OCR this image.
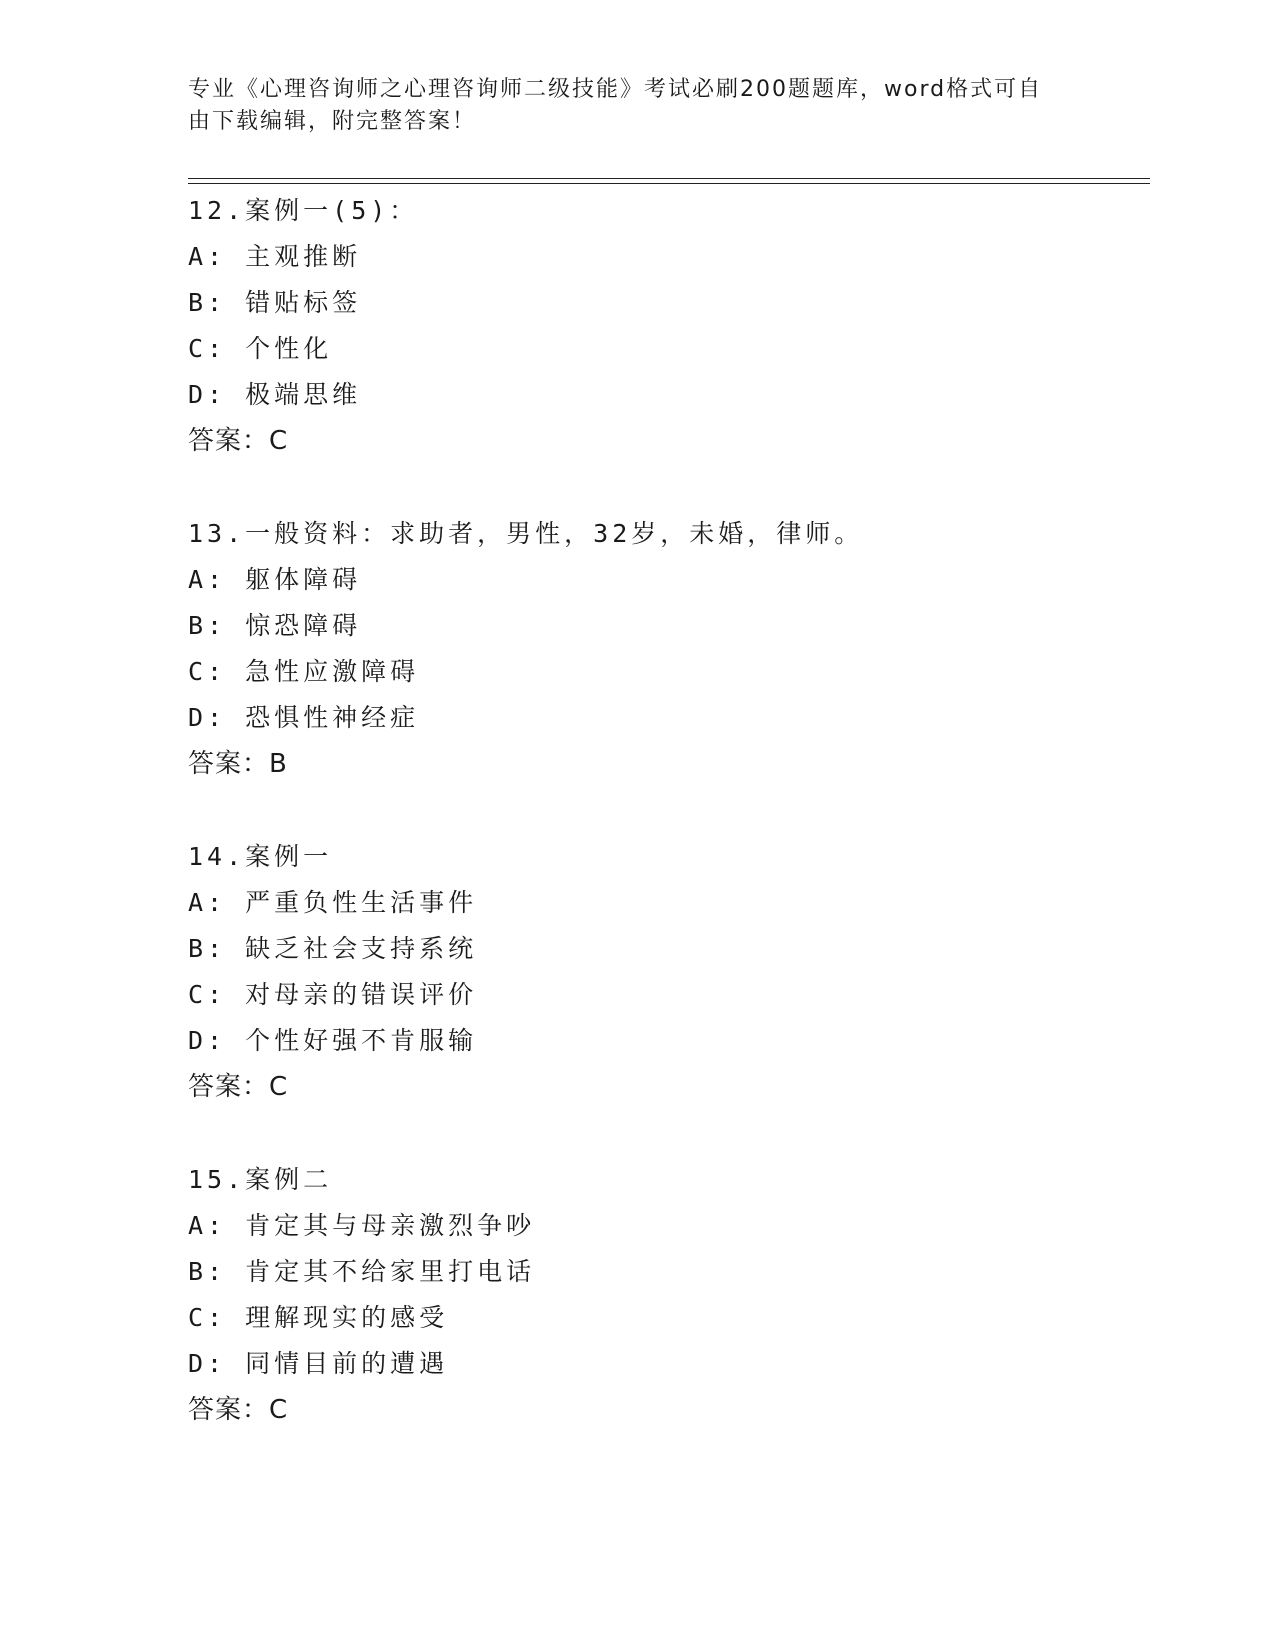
专业《心理咨询师之心理咨询师二级技能》考试必刷200题题库，word格式可自
由下载编辑，附完整答案！
12.案例一(5)：
A: 主观推断
B: 错贴标签
C: 个性化
D: 极端思维
答案：C
13.一般资料：求助者，男性，32岁，未婚，律师。
A: 躯体障碍
B: 惊恐障碍
C: 急性应激障碍
D: 恐惧性神经症
答案：B
14.案例一
A: 严重负性生活事件
B: 缺乏社会支持系统
C: 对母亲的错误评价
D: 个性好强不肯服输
答案：C
15.案例二
A: 肯定其与母亲激烈争吵
B: 肯定其不给家里打电话
C: 理解现实的感受
D: 同情目前的遭遇
答案：C
